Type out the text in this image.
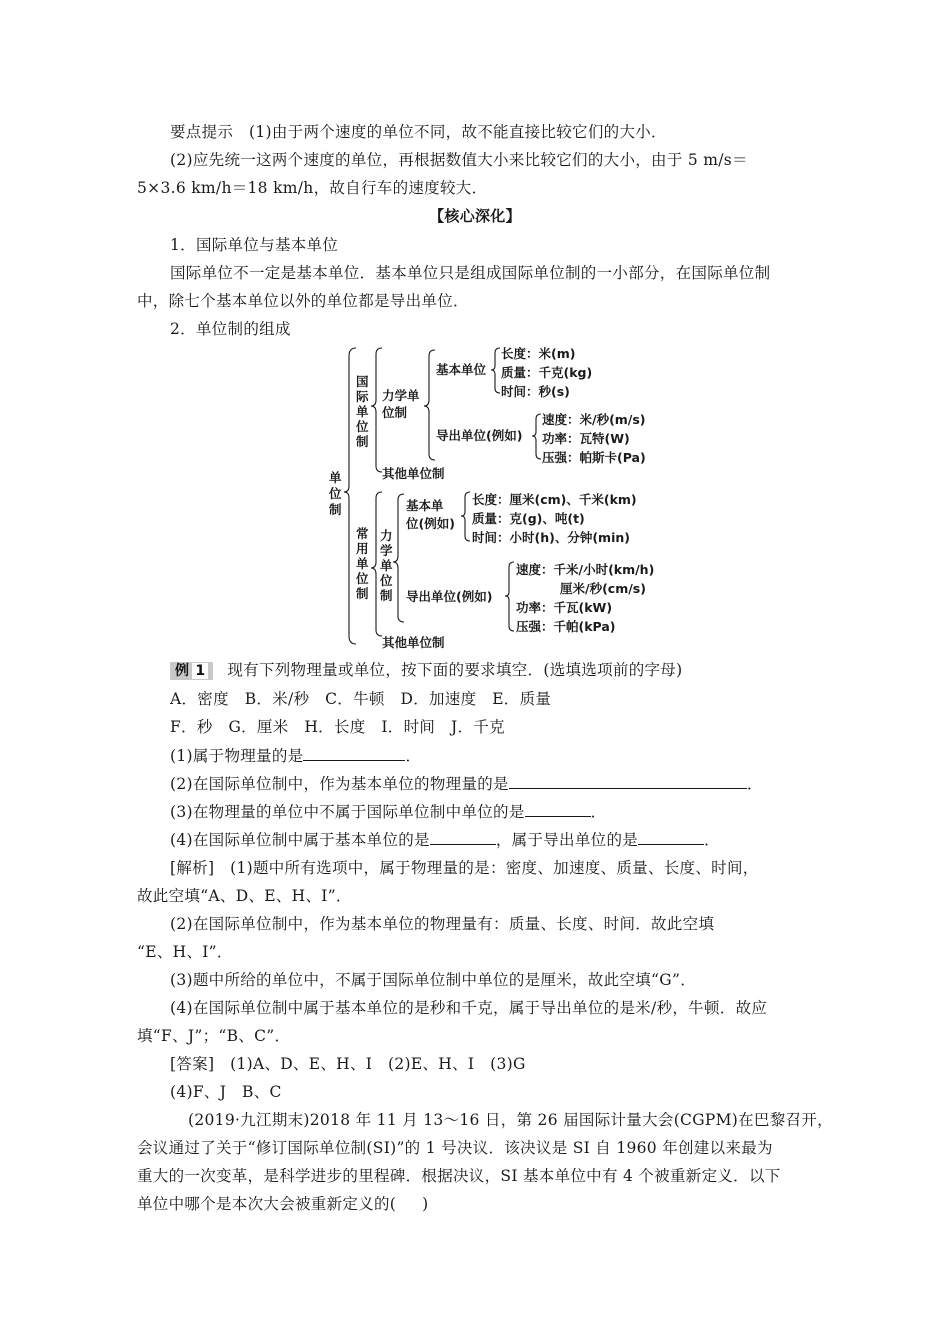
要点提示　(1)由于两个速度的单位不同，故不能直接比较它们的大小．
(2)应先统一这两个速度的单位，再根据数值大小来比较它们的大小，由于 5 m/s＝
5×3.6 km/h＝18 km/h，故自行车的速度较大．
【核心深化】
1．国际单位与基本单位
国际单位不一定是基本单位．基本单位只是组成国际单位制的一小部分，在国际单位制
中，除七个基本单位以外的单位都是导出单位．
2．单位制的组成
单
位
制
国
际
单
位
制
力学单
位制
基本单位
长度：米(m)
质量：千克(kg)
时间：秒(s)
导出单位(例如)
速度：米/秒(m/s)
功率：瓦特(W)
压强：帕斯卡(Pa)
其他单位制
常
用
单
位
制
力
学
单
位
制
基本单
位(例如)
长度：厘米(cm)、千米(km)
质量：克(g)、吨(t)
时间：小时(h)、分钟(min)
导出单位(例如)
速度：千米/小时(km/h)
厘米/秒(cm/s)
功率：千瓦(kW)
压强：千帕(kPa)
其他单位制
例 1 现有下列物理量或单位，按下面的要求填空．(选填选项前的字母)
A．密度　B．米/秒　C．牛顿　D．加速度　E．质量
F．秒　G．厘米　H．长度　I．时间　J．千克
(1)属于物理量的是	．
(2)在国际单位制中，作为基本单位的物理量的是	．
(3)在物理量的单位中不属于国际单位制中单位的是	．
(4)在国际单位制中属于基本单位的是	，属于导出单位的是	．
[解析]　(1)题中所有选项中，属于物理量的是：密度、加速度、质量、长度、时间，
故此空填“A、D、E、H、I”．
(2)在国际单位制中，作为基本单位的物理量有：质量、长度、时间．故此空填
“E、H、I”．
(3)题中所给的单位中，不属于国际单位制中单位的是厘米，故此空填“G”．
(4)在国际单位制中属于基本单位的是秒和千克，属于导出单位的是米/秒，牛顿．故应
填“F、J”；“B、C”．
[答案]　(1)A、D、E、H、I　(2)E、H、I　(3)G
(4)F、J　B、C
(2019·九江期末)2018 年 11 月 13～16 日，第 26 届国际计量大会(CGPM)在巴黎召开，
会议通过了关于“修订国际单位制(SI)”的 1 号决议．该决议是 SI 自 1960 年创建以来最为
重大的一次变革，是科学进步的里程碑．根据决议，SI 基本单位中有 4 个被重新定义．以下
单位中哪个是本次大会被重新定义的( )
